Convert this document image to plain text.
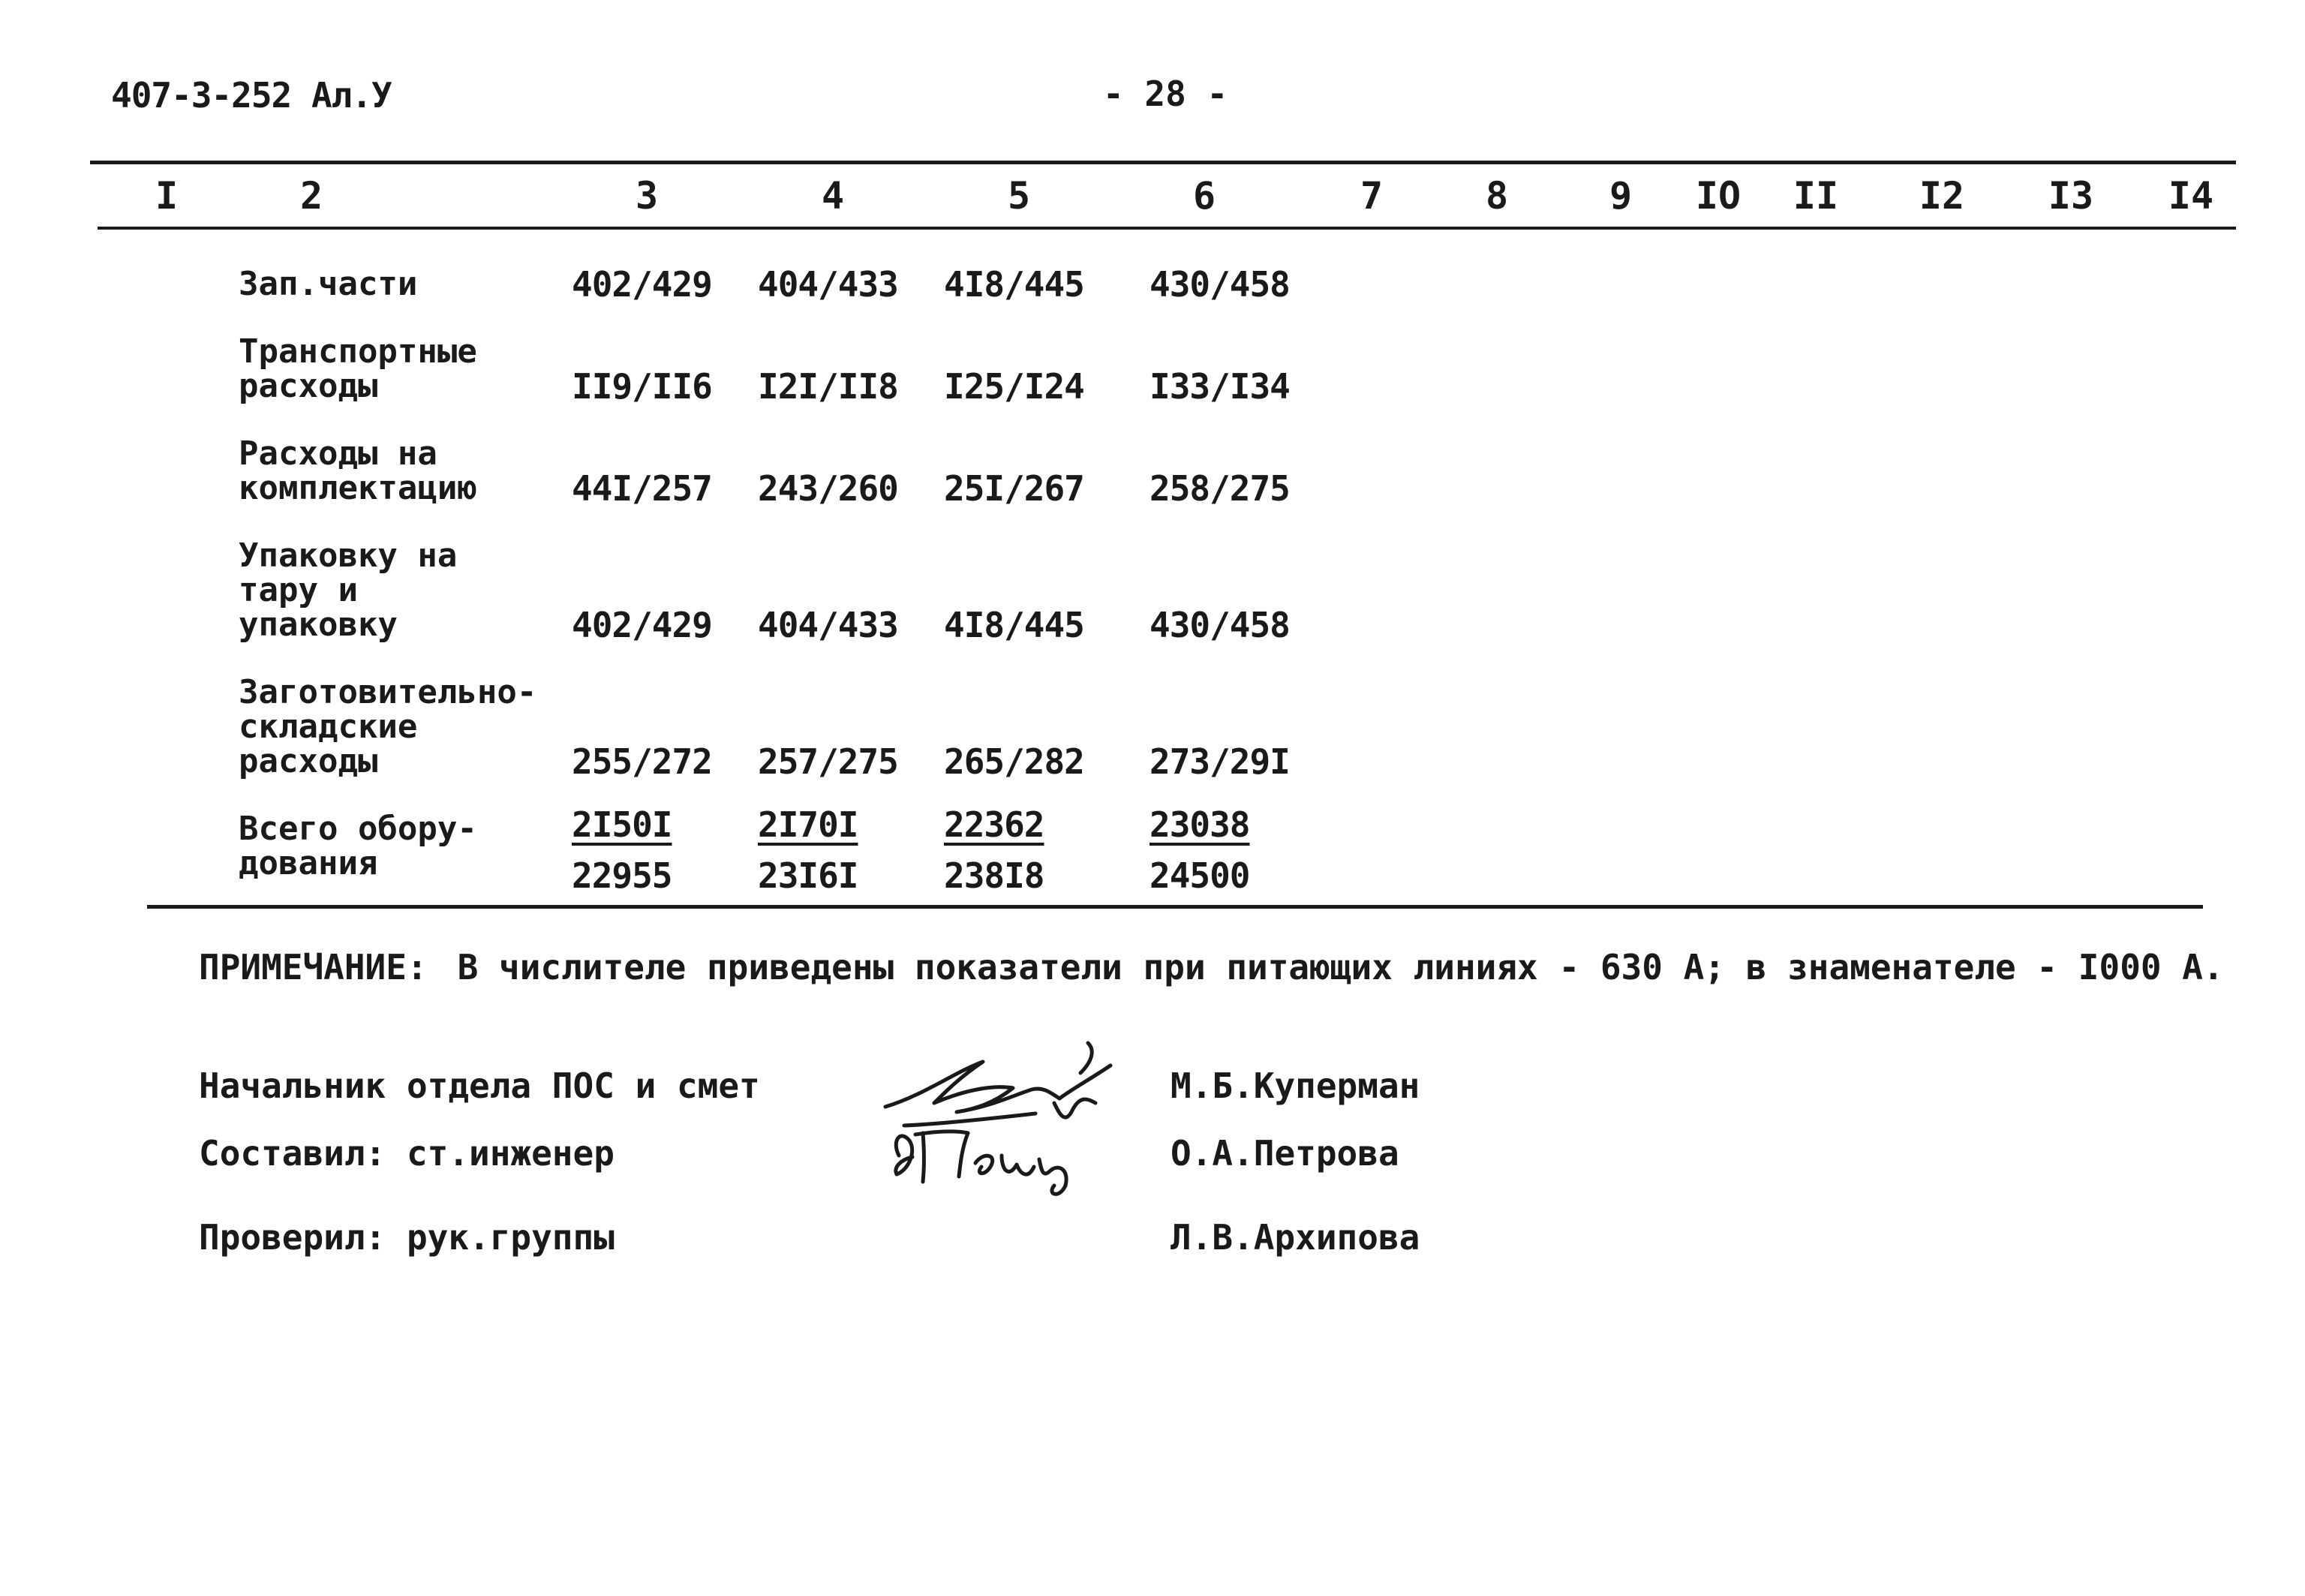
407-3-252 Ал.У	- 28 -
I	2	3	4	5	6	7	8	9 IO II I2 I3 I4
Зап.части	402/429 404/433 4I8/445 430/458
Транспортные
расходы	II9/II6 I2I/II8 I25/I24 I33/I34
Расходы на
комплектацию	44I/257 243/260 25I/267 258/275
Упаковку на
тару и
упаковку	402/429 404/433 4I8/445 430/458
Заготовительно-
складские
расходы	255/272 257/275 265/282 273/29I
Всего обору-
дования
2I50I 2I70I 22362	23038
22955 23I6I 238I8	24500
ПРИМЕЧАНИЕ: В числителе приведены показатели при питающих линиях - 630 А; в знаменателе - I000 А.
Начальник отдела ПОС и смет	М.Б.Куперман
Составил: ст.инженер	О.А.Петрова
Проверил: рук.группы	Л.В.Архипова
